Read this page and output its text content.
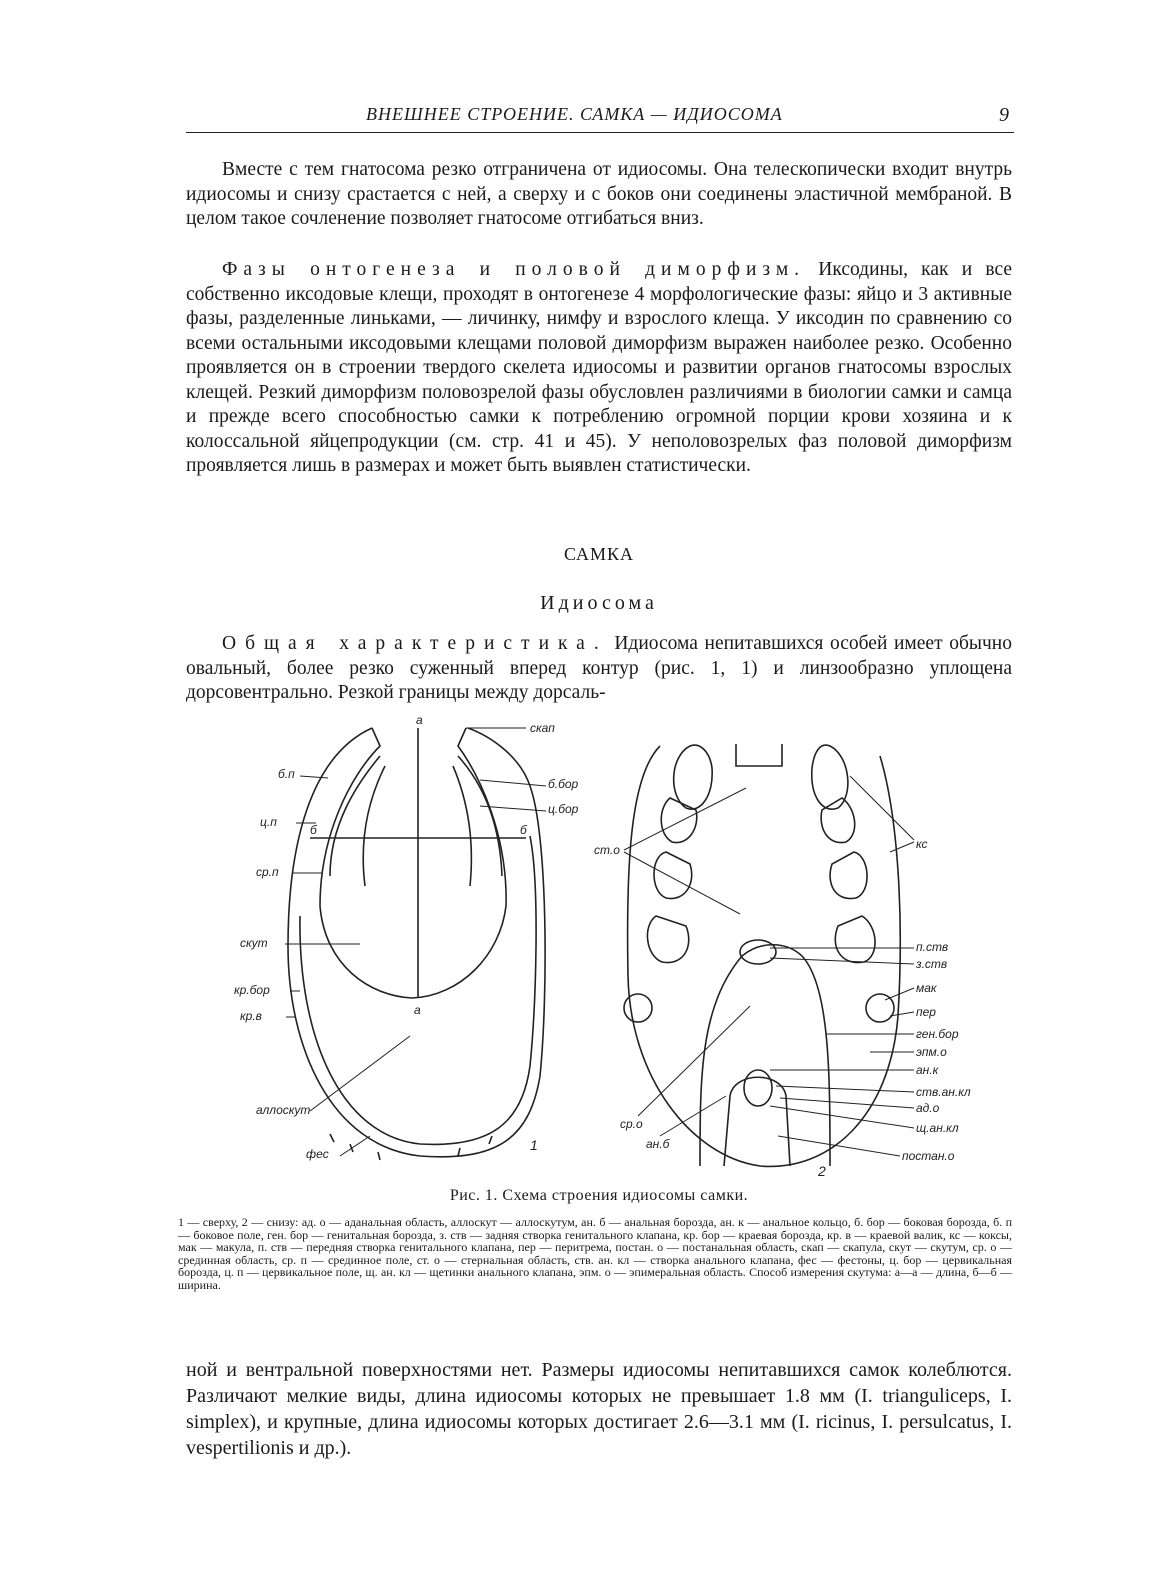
ВНЕШНЕЕ СТРОЕНИЕ. САМКА — ИДИОСОМА	9

Вместе с тем гнатосома резко отграничена от идиосомы. Она телескопически входит внутрь идиосомы и снизу срастается с ней, а сверху и с боков они соединены эластичной мембраной. В целом такое сочленение позволяет гнатосоме отгибаться вниз.

Фазы онтогенеза и половой диморфизм. Иксодины, как и все собственно иксодовые клещи, проходят в онтогенезе 4 морфологические фазы: яйцо и 3 активные фазы, разделенные линьками, — личинку, нимфу и взрослого клеща. У иксодин по сравнению со всеми остальными иксодовыми клещами половой диморфизм выражен наиболее резко. Особенно проявляется он в строении твердого скелета идиосомы и развитии органов гнатосомы взрослых клещей. Резкий диморфизм половозрелой фазы обусловлен различиями в биологии самки и самца и прежде всего способностью самки к потреблению огромной порции крови хозяина и к колоссальной яйцепродукции (см. стр. 41 и 45). У неполовозрелых фаз половой диморфизм проявляется лишь в размерах и может быть выявлен статистически.

САМКА
Идиосома

Общая характеристика. Идиосома непитавшихся особей имеет обычно овальный, более резко суженный вперед контур (рис. 1, 1) и линзообразно уплощена дорсовентрально. Резкой границы между дорсаль-

а
скап
б.п
б.бор
ц.п
ц.бор
б	б
ср.п
скут
кр.бор
кр.в	а
аллоскут
фес
1
ст.о	кс
п.ств
з.ств
мак
пер
ген.бор
эпм.о
ан.к
ств.ан.кл
ад.о
щ.ан.кл
ср.о
ан.б
постан.о
2
Рис. 1. Схема строения идиосомы самки.

1 — сверху, 2 — снизу: ад. о — аданальная область, аллоскут — аллоскутум, ан. б — анальная борозда, ан. к — анальное кольцо, б. бор — боковая борозда, б. п — боковое поле, ген. бор — генитальная борозда, з. ств — задняя створка генитального клапана, кр. бор — краевая борозда, кр. в — краевой валик, кс — коксы, мак — макула, п. ств — передняя створка генитального клапана, пер — перитрема, постан. о — постанальная область, скап — скапула, скут — скутум, ср. о — срединная область, ср. п — срединное поле, ст. о — стернальная область, ств. ан. кл — створка анального клапана, фес — фестоны, ц. бор — цервикальная борозда, ц. п — цервикальное поле, щ. ан. кл — щетинки анального клапана, эпм. о — эпимеральная область. Способ измерения скутума: а—а — длина, б—б — ширина.

ной и вентральной поверхностями нет. Размеры идиосомы непитавшихся самок колеблются. Различают мелкие виды, длина идиосомы которых не превышает 1.8 мм (I. trianguliceps, I. simplex), и крупные, длина идиосомы которых достигает 2.6—3.1 мм (I. ricinus, I. persulcatus, I. vespertilionis и др.).
